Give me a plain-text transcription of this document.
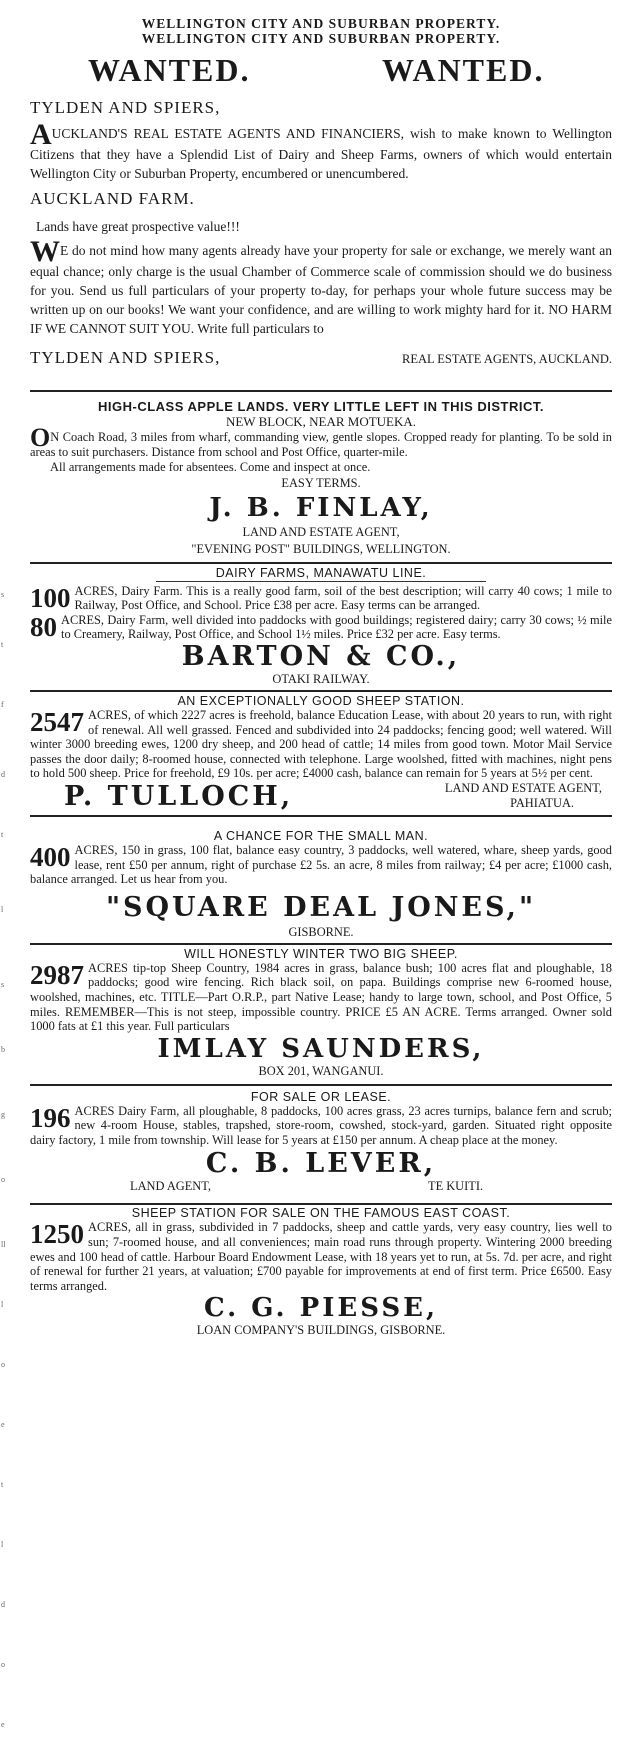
s
t
f
d
t
l
s
b
g
o
ll
l
o
e
t
l
d
o
e
WELLINGTON CITY AND SUBURBAN PROPERTY.
WELLINGTON CITY AND SUBURBAN PROPERTY.
WANTED.	WANTED.
TYLDEN AND SPIERS,

AUCKLAND'S REAL ESTATE AGENTS AND FINANCIERS, wish to make known to Wellington Citizens that they have a Splendid List of Dairy and Sheep Farms, owners of which would entertain Wellington City or Suburban Property, encumbered or unencumbered.

AUCKLAND FARM.

Lands have great prospective value!!!

WE do not mind how many agents already have your property for sale or exchange, we merely want an equal chance; only charge is the usual Chamber of Commerce scale of commission should we do business for you. Send us full particulars of your property to-day, for perhaps your whole future success may be written up on our books! We want your confidence, and are willing to work mighty hard for it. NO HARM IF WE CANNOT SUIT YOU. Write full particulars to

TYLDEN AND SPIERS,	REAL ESTATE AGENTS, AUCKLAND.
HIGH-CLASS APPLE LANDS. VERY LITTLE LEFT IN THIS DISTRICT.
NEW BLOCK, NEAR MOTUEKA.

ON Coach Road, 3 miles from wharf, commanding view, gentle slopes. Cropped ready for planting. To be sold in areas to suit purchasers. Distance from school and Post Office, quarter-mile.

All arrangements made for absentees. Come and inspect at once.

EASY TERMS.
J. B. FINLAY,
LAND AND ESTATE AGENT,
"EVENING POST" BUILDINGS, WELLINGTON.
DAIRY FARMS, MANAWATU LINE.

100 ACRES, Dairy Farm. This is a really good farm, soil of the best description; will carry 40 cows; 1 mile to Railway, Post Office, and School. Price £38 per acre. Easy terms can be arranged.

80 ACRES, Dairy Farm, well divided into paddocks with good buildings; registered dairy; carry 30 cows; ½ mile to Creamery, Railway, Post Office, and School 1½ miles. Price £32 per acre. Easy terms.

BARTON & CO.,
OTAKI RAILWAY.
AN EXCEPTIONALLY GOOD SHEEP STATION.

2547 ACRES, of which 2227 acres is freehold, balance Education Lease, with about 20 years to run, with right of renewal. All well grassed. Fenced and subdivided into 24 paddocks; fencing good; well watered. Will winter 3000 breeding ewes, 1200 dry sheep, and 200 head of cattle; 14 miles from good town. Motor Mail Service passes the door daily; 8-roomed house, connected with telephone. Large woolshed, fitted with machines, night pens to hold 500 sheep. Price for freehold, £9 10s. per acre; £4000 cash, balance can remain for 5 years at 5½ per cent.

P. TULLOCH,	LAND AND ESTATE AGENT,
PAHIATUA.
A CHANCE FOR THE SMALL MAN.

400 ACRES, 150 in grass, 100 flat, balance easy country, 3 paddocks, well watered, whare, sheep yards, good lease, rent £50 per annum, right of purchase £2 5s. an acre, 8 miles from railway; £4 per acre; £1000 cash, balance arranged. Let us hear from you.

"SQUARE DEAL JONES,"
GISBORNE.
WILL HONESTLY WINTER TWO BIG SHEEP.

2987 ACRES tip-top Sheep Country, 1984 acres in grass, balance bush; 100 acres flat and ploughable, 18 paddocks; good wire fencing. Rich black soil, on papa. Buildings comprise new 6-roomed house, woolshed, machines, etc. TITLE—Part O.R.P., part Native Lease; handy to large town, school, and Post Office, 5 miles. REMEMBER—This is not steep, impossible country. PRICE £5 AN ACRE. Terms arranged. Owner sold 1000 fats at £1 this year. Full particulars

IMLAY SAUNDERS,
BOX 201, WANGANUI.
FOR SALE OR LEASE.

196 ACRES Dairy Farm, all ploughable, 8 paddocks, 100 acres grass, 23 acres turnips, balance fern and scrub; new 4-room House, stables, trapshed, store-room, cowshed, stock-yard, garden. Situated right opposite dairy factory, 1 mile from township. Will lease for 5 years at £150 per annum. A cheap place at the money.

C. B. LEVER,
LAND AGENT,	TE KUITI.
SHEEP STATION FOR SALE ON THE FAMOUS EAST COAST.

1250 ACRES, all in grass, subdivided in 7 paddocks, sheep and cattle yards, very easy country, lies well to sun; 7-roomed house, and all conveniences; main road runs through property. Wintering 2000 breeding ewes and 100 head of cattle. Harbour Board Endowment Lease, with 18 years yet to run, at 5s. 7d. per acre, and right of renewal for further 21 years, at valuation; £700 payable for improvements at end of first term. Price £6500. Easy terms arranged.

C. G. PIESSE,
LOAN COMPANY'S BUILDINGS, GISBORNE.
